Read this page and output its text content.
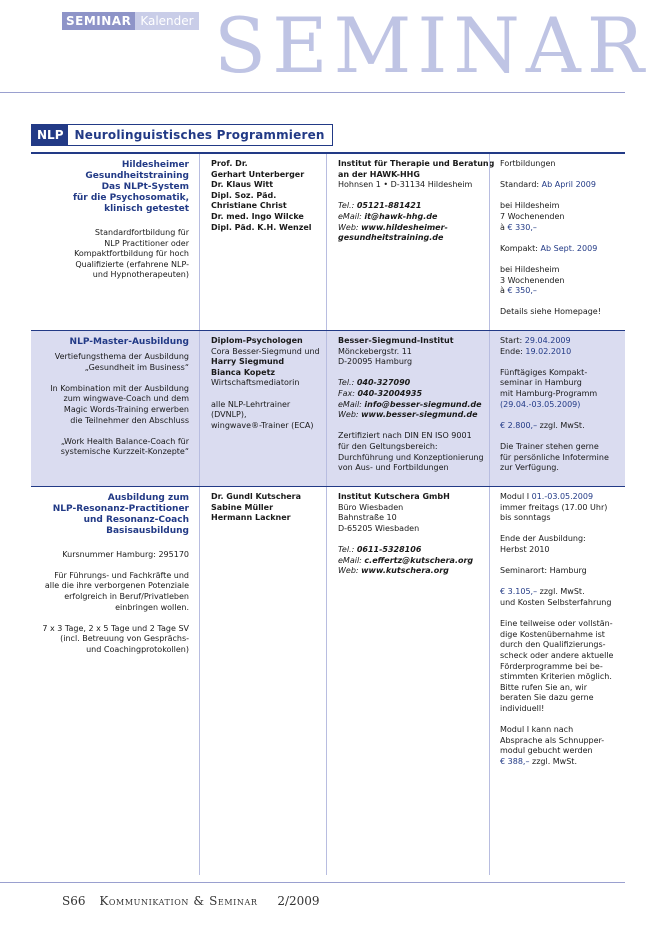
SEMINAR Kalender SEMINAR
NLP Neurolinguistisches Programmieren
Hildesheimer
Gesundheitstraining
Das NLPt-System
für die Psychosomatik,
klinisch getestet
Standardfortbildung für
NLP Practitioner oder
Kompaktfortbildung für hoch
Qualifizierte (erfahrene NLP-
und Hypnotherapeuten)
Prof. Dr.
Gerhart Unterberger
Dr. Klaus Witt
Dipl. Soz. Päd.
Christiane Christ
Dr. med. Ingo Wilcke
Dipl. Päd. K.H. Wenzel
Institut für Therapie und Beratung
an der HAWK-HHG
Hohnsen 1 • D-31134 Hildesheim
Tel.: 05121-881421
eMail: it@hawk-hhg.de
Web: www.hildesheimer-
gesundheitstraining.de
Fortbildungen
Standard: Ab April 2009
bei Hildesheim
7 Wochenenden
à € 330,–
Kompakt: Ab Sept. 2009
bei Hildesheim
3 Wochenenden
à € 350,–
Details siehe Homepage!
NLP-Master-Ausbildung
Vertiefungsthema der Ausbildung
„Gesundheit im Business“
In Kombination mit der Ausbildung
zum wingwave-Coach und dem
Magic Words-Training erwerben
die Teilnehmer den Abschluss
„Work Health Balance-Coach für
systemische Kurzzeit-Konzepte“
Diplom-Psychologen
Cora Besser-Siegmund und
Harry Siegmund
Bianca Kopetz
Wirtschaftsmediatorin
alle NLP-Lehrtrainer
(DVNLP),
wingwave®-Trainer (ECA)
Besser-Siegmund-Institut
Mönckebergstr. 11
D-20095 Hamburg
Tel.: 040-327090
Fax: 040-32004935
eMail: info@besser-siegmund.de
Web: www.besser-siegmund.de
Zertifiziert nach DIN EN ISO 9001
für den Geltungsbereich:
Durchführung und Konzeptionierung
von Aus- und Fortbildungen
Start: 29.04.2009
Ende: 19.02.2010
Fünftägiges Kompakt-
seminar in Hamburg
mit Hamburg-Programm
(29.04.-03.05.2009)
€ 2.800,– zzgl. MwSt.
Die Trainer stehen gerne
für persönliche Infotermine
zur Verfügung.
Ausbildung zum
NLP-Resonanz-Practitioner
und Resonanz-Coach
Basisausbildung
Kursnummer Hamburg: 295170
Für Führungs- und Fachkräfte und
alle die ihre verborgenen Potenziale
erfolgreich in Beruf/Privatleben
einbringen wollen.
7 x 3 Tage, 2 x 5 Tage und 2 Tage SV
(incl. Betreuung von Gesprächs-
und Coachingprotokollen)
Dr. Gundl Kutschera
Sabine Müller
Hermann Lackner
Institut Kutschera GmbH
Büro Wiesbaden
Bahnstraße 10
D-65205 Wiesbaden
Tel.: 0611-5328106
eMail: c.effertz@kutschera.org
Web: www.kutschera.org
Modul I 01.-03.05.2009
immer freitags (17.00 Uhr)
bis sonntags
Ende der Ausbildung:
Herbst 2010
Seminarort: Hamburg
€ 3.105,– zzgl. MwSt.
und Kosten Selbsterfahrung
Eine teilweise oder vollstän-
dige Kostenübernahme ist
durch den Qualifizierungs-
scheck oder andere aktuelle
Förderprogramme bei be-
stimmten Kriterien möglich.
Bitte rufen Sie an, wir
beraten Sie dazu gerne
individuell!
Modul I kann nach
Absprache als Schnupper-
modul gebucht werden
€ 388,– zzgl. MwSt.
S66 Kommunikation & Seminar 2/2009
